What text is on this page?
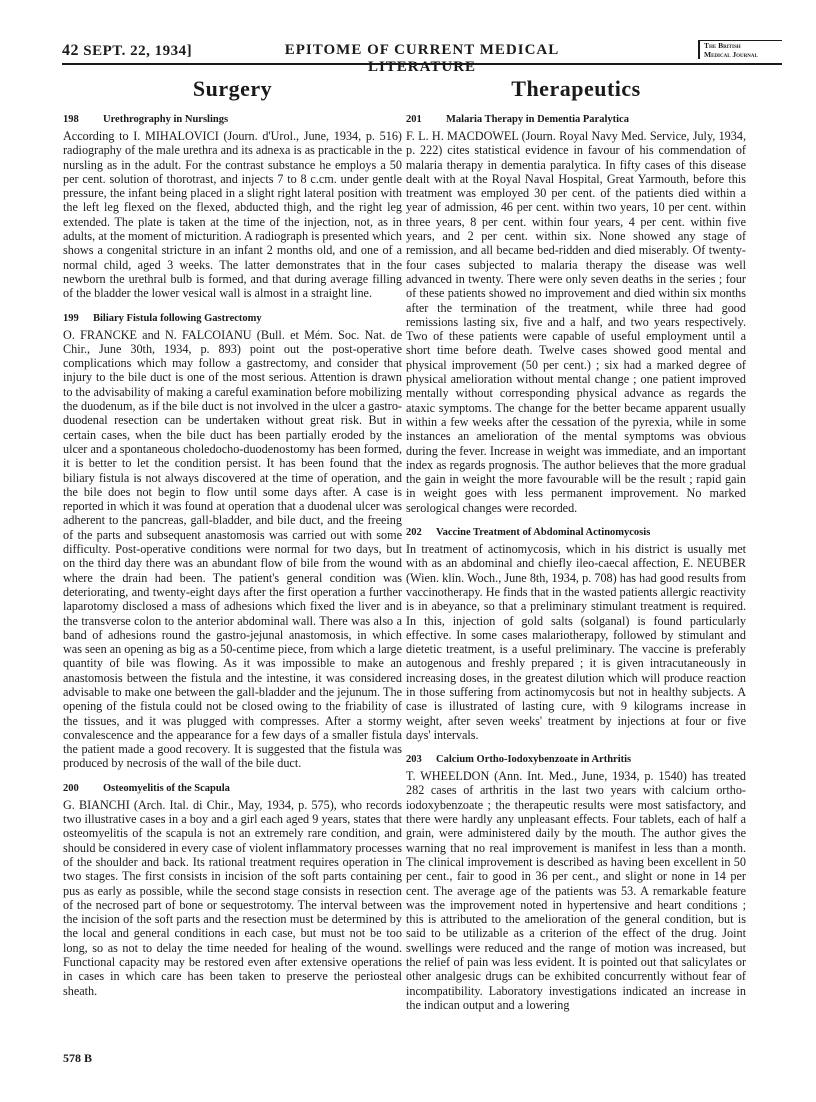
42 SEPT. 22, 1934]	EPITOME OF CURRENT MEDICAL LITERATURE
The British
Medical Journal
Surgery
198 Urethrography in Nurslings

According to I. MIHALOVICI (Journ. d'Urol., June, 1934, p. 516) radiography of the male urethra and its adnexa is as practicable in the nursling as in the adult. For the contrast substance he employs a 50 per cent. solution of thorotrast, and injects 7 to 8 c.cm. under gentle pressure, the infant being placed in a slight right lateral position with the left leg flexed on the flexed, abducted thigh, and the right leg extended. The plate is taken at the time of the injection, not, as in adults, at the moment of micturition. A radiograph is presented which shows a congenital stricture in an infant 2 months old, and one of a normal child, aged 3 weeks. The latter demonstrates that in the newborn the urethral bulb is formed, and that during average filling of the bladder the lower vesical wall is almost in a straight line.

199 Biliary Fistula following Gastrectomy

O. FRANCKE and N. FALCOIANU (Bull. et Mém. Soc. Nat. de Chir., June 30th, 1934, p. 893) point out the post-operative complications which may follow a gastrectomy, and consider that injury to the bile duct is one of the most serious. Attention is drawn to the advisability of making a careful examination before mobilizing the duodenum, as if the bile duct is not involved in the ulcer a gastro-duodenal resection can be undertaken without great risk. But in certain cases, when the bile duct has been partially eroded by the ulcer and a spontaneous choledocho-duodenostomy has been formed, it is better to let the condition persist. It has been found that the biliary fistula is not always discovered at the time of operation, and the bile does not begin to flow until some days after. A case is reported in which it was found at operation that a duodenal ulcer was adherent to the pancreas, gall-bladder, and bile duct, and the freeing of the parts and subsequent anastomosis was carried out with some difficulty. Post-operative conditions were normal for two days, but on the third day there was an abundant flow of bile from the wound where the drain had been. The patient's general condition was deteriorating, and twenty-eight days after the first operation a further laparotomy disclosed a mass of adhesions which fixed the liver and the transverse colon to the anterior abdominal wall. There was also a band of adhesions round the gastro-jejunal anastomosis, in which was seen an opening as big as a 50-centime piece, from which a large quantity of bile was flowing. As it was impossible to make an anastomosis between the fistula and the intestine, it was considered advisable to make one between the gall-bladder and the jejunum. The opening of the fistula could not be closed owing to the friability of the tissues, and it was plugged with compresses. After a stormy convalescence and the appearance for a few days of a smaller fistula the patient made a good recovery. It is suggested that the fistula was produced by necrosis of the wall of the bile duct.

200 Osteomyelitis of the Scapula

G. BIANCHI (Arch. Ital. di Chir., May, 1934, p. 575), who records two illustrative cases in a boy and a girl each aged 9 years, states that osteomyelitis of the scapula is not an extremely rare condition, and should be considered in every case of violent inflammatory processes of the shoulder and back. Its rational treatment requires operation in two stages. The first consists in incision of the soft parts containing pus as early as possible, while the second stage consists in resection of the necrosed part of bone or sequestrotomy. The interval between the incision of the soft parts and the resection must be determined by the local and general conditions in each case, but must not be too long, so as not to delay the time needed for healing of the wound. Functional capacity may be restored even after extensive operations in cases in which care has been taken to preserve the periosteal sheath.

Therapeutics
201 Malaria Therapy in Dementia Paralytica

F. L. H. MACDOWEL (Journ. Royal Navy Med. Service, July, 1934, p. 222) cites statistical evidence in favour of his commendation of malaria therapy in dementia paralytica. In fifty cases of this disease dealt with at the Royal Naval Hospital, Great Yarmouth, before this treatment was employed 30 per cent. of the patients died within a year of admission, 46 per cent. within two years, 10 per cent. within three years, 8 per cent. within four years, 4 per cent. within five years, and 2 per cent. within six. None showed any stage of remission, and all became bed-ridden and died miserably. Of twenty-four cases subjected to malaria therapy the disease was well advanced in twenty. There were only seven deaths in the series ; four of these patients showed no improvement and died within six months after the termination of the treatment, while three had good remissions lasting six, five and a half, and two years respectively. Two of these patients were capable of useful employment until a short time before death. Twelve cases showed good mental and physical improvement (50 per cent.) ; six had a marked degree of physical amelioration without mental change ; one patient improved mentally without corresponding physical advance as regards the ataxic symptoms. The change for the better became apparent usually within a few weeks after the cessation of the pyrexia, while in some instances an amelioration of the mental symptoms was obvious during the fever. Increase in weight was immediate, and an important index as regards prognosis. The author believes that the more gradual the gain in weight the more favourable will be the result ; rapid gain in weight goes with less permanent improvement. No marked serological changes were recorded.

202 Vaccine Treatment of Abdominal Actinomycosis

In treatment of actinomycosis, which in his district is usually met with as an abdominal and chiefly ileo-caecal affection, E. NEUBER (Wien. klin. Woch., June 8th, 1934, p. 708) has had good results from vaccinotherapy. He finds that in the wasted patients allergic reactivity is in abeyance, so that a preliminary stimulant treatment is required. In this, injection of gold salts (solganal) is found particularly effective. In some cases malariotherapy, followed by stimulant and dietetic treatment, is a useful preliminary. The vaccine is preferably autogenous and freshly prepared ; it is given intracutaneously in increasing doses, in the greatest dilution which will produce reaction in those suffering from actinomycosis but not in healthy subjects. A case is illustrated of lasting cure, with 9 kilograms increase in weight, after seven weeks' treatment by injections at four or five days' intervals.

203 Calcium Ortho-Iodoxybenzoate in Arthritis

T. WHEELDON (Ann. Int. Med., June, 1934, p. 1540) has treated 282 cases of arthritis in the last two years with calcium ortho-iodoxybenzoate ; the therapeutic results were most satisfactory, and there were hardly any unpleasant effects. Four tablets, each of half a grain, were administered daily by the mouth. The author gives the warning that no real improvement is manifest in less than a month. The clinical improvement is described as having been excellent in 50 per cent., fair to good in 36 per cent., and slight or none in 14 per cent. The average age of the patients was 53. A remarkable feature was the improvement noted in hypertensive and heart conditions ; this is attributed to the amelioration of the general condition, but is said to be utilizable as a criterion of the effect of the drug. Joint swellings were reduced and the range of motion was increased, but the relief of pain was less evident. It is pointed out that salicylates or other analgesic drugs can be exhibited concurrently without fear of incompatibility. Laboratory investigations indicated an increase in the indican output and a lowering

578 B
